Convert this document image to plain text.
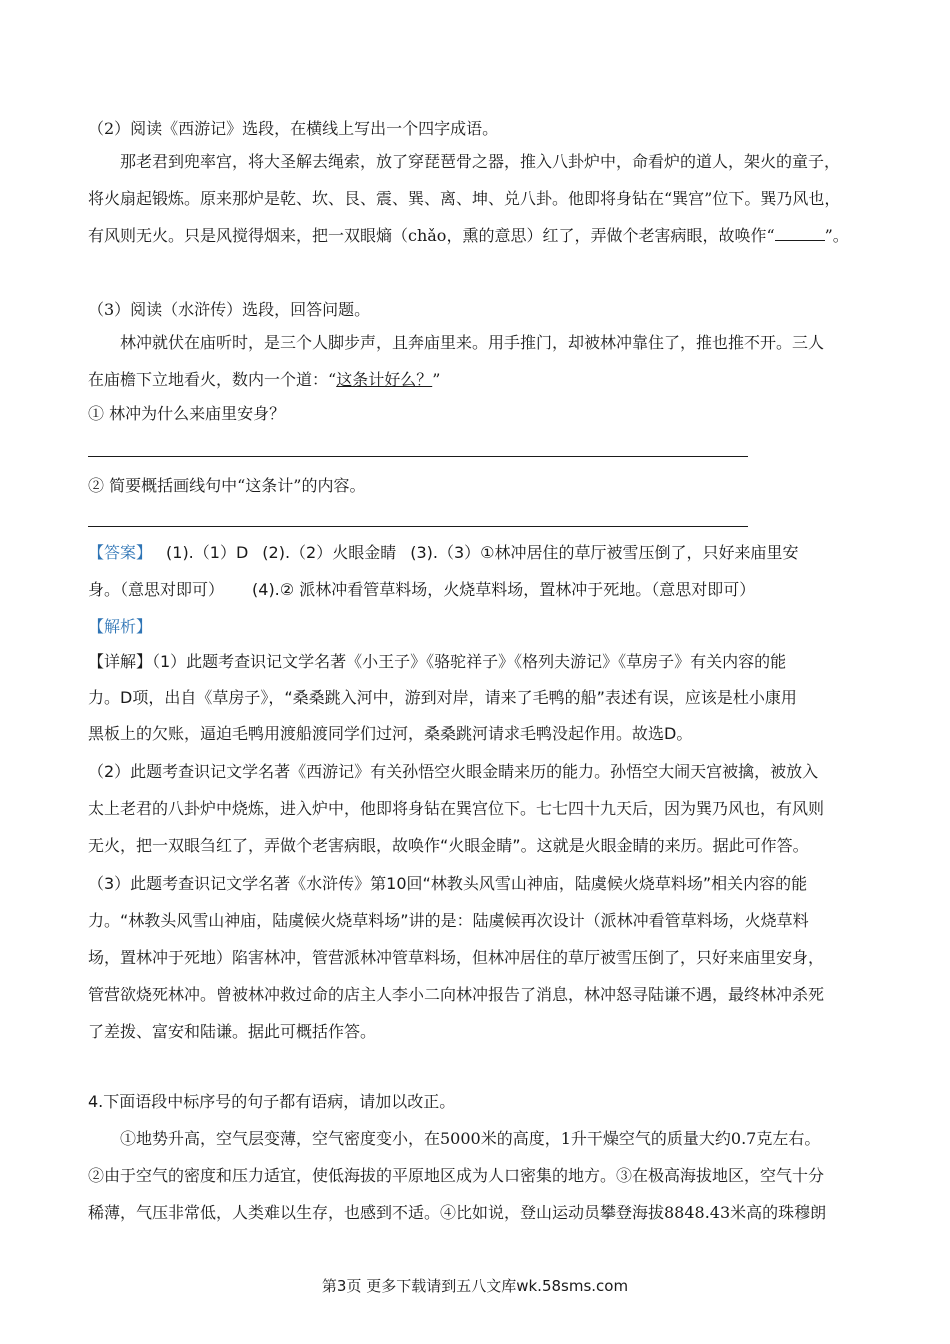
（2）阅读《西游记》选段，在横线上写出一个四字成语。
那老君到兜率宫，将大圣解去绳索，放了穿琵琶骨之器，推入八卦炉中，命看炉的道人，架火的童子，
将火扇起锻炼。原来那炉是乾、坎、艮、震、巽、离、坤、兑八卦。他即将身钻在“巽宫”位下。巽乃风也，
有风则无火。只是风搅得烟来，把一双眼熵（chǎo，熏的意思）红了，弄做个老害病眼，故唤作“	”。
（3）阅读（水浒传）选段，回答问题。
林冲就伏在庙听时，是三个人脚步声，且奔庙里来。用手推门，却被林冲靠住了，推也推不开。三人
在庙檐下立地看火，数内一个道：“这条计好么？”
① 林冲为什么来庙里安身？
② 简要概括画线句中“这条计”的内容。
【答案】 (1).（1）D (2).（2）火眼金睛 (3).（3）①林冲居住的草厅被雪压倒了，只好来庙里安
身。（意思对即可） (4).② 派林冲看管草料场，火烧草料场，置林冲于死地。（意思对即可）
【解析】
【详解】（1）此题考查识记文学名著《小王子》《骆驼祥子》《格列夫游记》《草房子》有关内容的能
力。D项，出自《草房子》，“桑桑跳入河中，游到对岸，请来了毛鸭的船”表述有误，应该是杜小康用
黑板上的欠账，逼迫毛鸭用渡船渡同学们过河，桑桑跳河请求毛鸭没起作用。故选D。
（2）此题考查识记文学名著《西游记》有关孙悟空火眼金睛来历的能力。孙悟空大闹天宫被擒，被放入
太上老君的八卦炉中烧炼，进入炉中，他即将身钻在巽宫位下。七七四十九天后，因为巽乃风也，有风则
无火，把一双眼刍红了，弄做个老害病眼，故唤作“火眼金睛”。这就是火眼金睛的来历。据此可作答。
（3）此题考查识记文学名著《水浒传》第10回“林教头风雪山神庙，陆虞候火烧草料场”相关内容的能
力。“林教头风雪山神庙，陆虞候火烧草料场”讲的是：陆虞候再次设计（派林冲看管草料场，火烧草料
场，置林冲于死地）陷害林冲，管营派林冲管草料场，但林冲居住的草厅被雪压倒了，只好来庙里安身，
管营欲烧死林冲。曾被林冲救过命的店主人李小二向林冲报告了消息，林冲怒寻陆谦不遇，最终林冲杀死
了差拨、富安和陆谦。据此可概括作答。
4.下面语段中标序号的句子都有语病，请加以改正。
①地势升高，空气层变薄，空气密度变小，在5000米的高度，1升干燥空气的质量大约0.7克左右。
②由于空气的密度和压力适宜，使低海拔的平原地区成为人口密集的地方。③在极高海拔地区，空气十分
稀薄，气压非常低，人类难以生存，也感到不适。④比如说，登山运动员攀登海拔8848.43米高的珠穆朗
第3页 更多下载请到五八文库wk.58sms.com
